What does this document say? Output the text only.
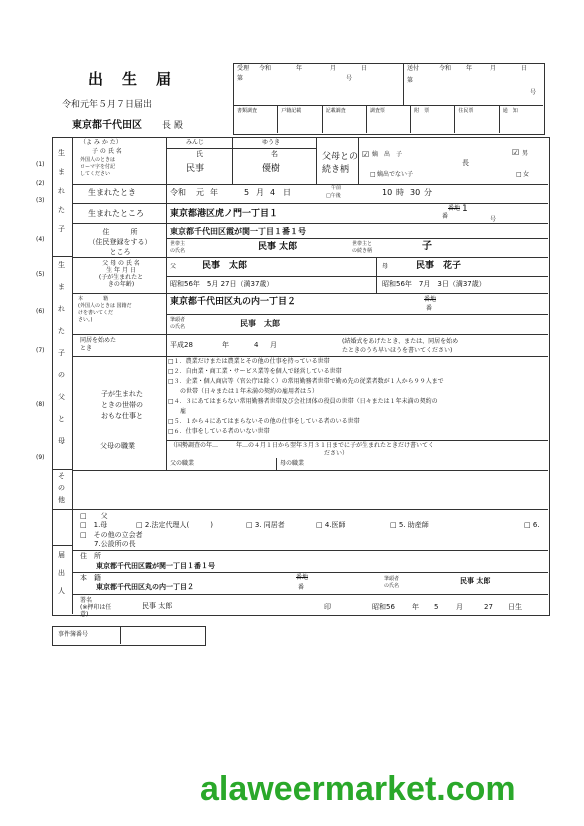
出　生　届
令和元年５月７日届出
東京都千代田区 長 殿
受理 令和	年	月	日
第	号
送付	令和 年	月	日
第
号
書類調査	戸籍記載	記載調査	調査票	附　票	住民票	通　知
(1)
(2)
(3)
(4)
(5)
(6)
(7)
(8)
(9)
生
ま
れ
た
子
生
ま
れ
た
子
の
父
と
母
そ
の
他
届
出
人
（よ み か た）
子 の 氏 名
外国人のときは
ローマ字を付記
してください
みんじ	ゆうき
氏	名
民事	優樹
父母との
続き柄
☑ 嫡　出　子
□ 嫡出でない子
長
☑ 男
□ 女
生まれたとき	令和 元 年	5 月 4 日	午前
□午後	10 時 30 分
生まれたところ	東京都港区虎ノ門一丁目１
番地
番
1
号
住　　　所
（住民登録をする）
ところ
東京都千代田区霞が関一丁目１番１号
世帯主
の氏名	民事 太郎	世帯主と
の続き柄	子
父 母 の 氏 名
生 年 月 日
(子が生まれたと
きの年齢)
父	民事　太郎	母	民事　花子
昭和56年　5月 27日（満37歳）	昭和56年　7月　3日（満37歳）
本　　　　籍
(外国人のときは 国籍だ
けを書いてくだ
さい。)
東京都千代田区丸の内一丁目２	番地
番
筆頭者
の氏名	民事　太郎
同居を始めた
とき	平成28	年	4 月	(結婚式をあげたとき、または、同居を始め
たときのうち早いほうを書いてください)
子が生まれた
ときの世帯の
おもな仕事と
父母の職業
□１．農業だけまたは農業とその他の仕事を持っている世帯
□２．自由業・商工業・サービス業等を個人で経営している世帯
□３．企業・個人商店等（官公庁は除く）の常用勤務者世帯で勤め先の従業者数が１人から９９人まで
　　の世帯（日々または１年未満の契約の雇用者は５）
□４．３にあてはまらない常用勤務者世帯及び会社団体の役員の世帯（日々または１年未満の契約の
　　雇
□５．１から４にあてはまらないその他の仕事をしている者のいる世帯
□６．仕事をしている者のいない世帯
（国勢調査の年…　　　年…の４月１日から翌年３月３１日までに子が生まれたときだけ書いてく
ださい）
父の職業	母の職業
□　　父
□　1.母	□ 2.法定代理人(　　　)	□ 3. 同居者	□ 4.医師	□ 5. 助産師	□ 6.
□　その他の立会者
　　7.公設所の長
住　所
東京都千代田区霞が関一丁目１番１号
本　籍
東京都千代田区丸の内一丁目２
番地
番
筆頭者
の氏名
民事 太郎
署名
(※押印は任
意)
民事 太郎	印	昭和56 年 5	月	27 日生
事件簿番号
alaweermarket.com
